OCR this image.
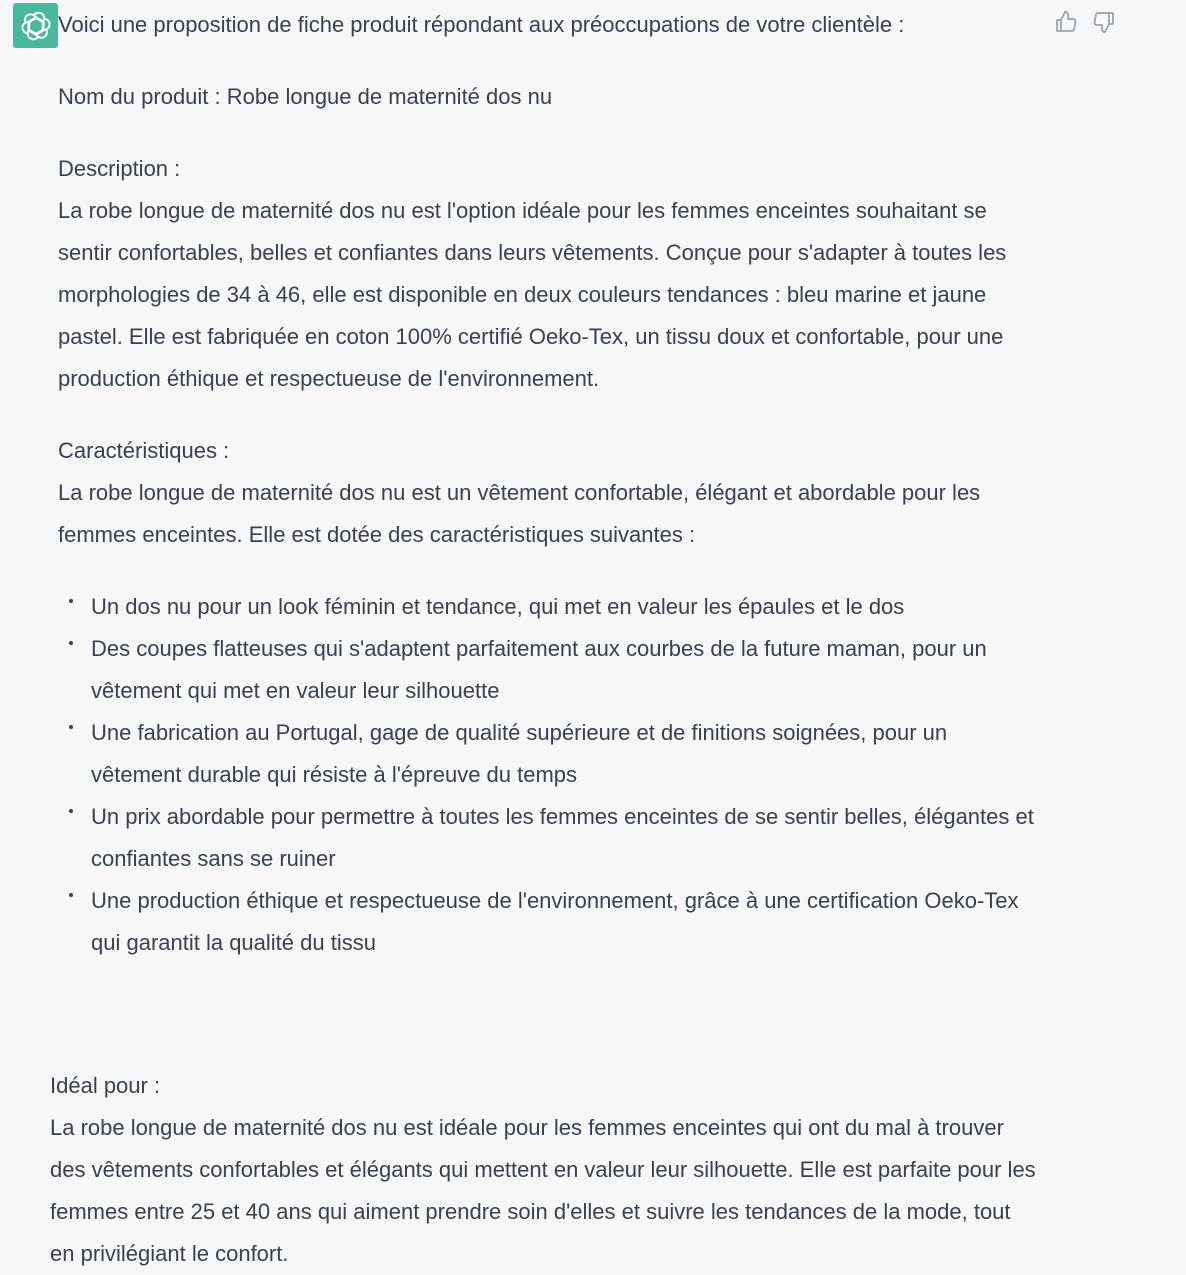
Voici une proposition de fiche produit répondant aux préoccupations de votre clientèle :

Nom du produit : Robe longue de maternité dos nu

Description :

La robe longue de maternité dos nu est l'option idéale pour les femmes enceintes souhaitant se sentir confortables, belles et confiantes dans leurs vêtements. Conçue pour s'adapter à toutes les morphologies de 34 à 46, elle est disponible en deux couleurs tendances : bleu marine et jaune pastel. Elle est fabriquée en coton 100% certifié Oeko-Tex, un tissu doux et confortable, pour une production éthique et respectueuse de l'environnement.

Caractéristiques :

La robe longue de maternité dos nu est un vêtement confortable, élégant et abordable pour les femmes enceintes. Elle est dotée des caractéristiques suivantes :

Un dos nu pour un look féminin et tendance, qui met en valeur les épaules et le dos
Des coupes flatteuses qui s'adaptent parfaitement aux courbes de la future maman, pour un vêtement qui met en valeur leur silhouette
Une fabrication au Portugal, gage de qualité supérieure et de finitions soignées, pour un vêtement durable qui résiste à l'épreuve du temps
Un prix abordable pour permettre à toutes les femmes enceintes de se sentir belles, élégantes et confiantes sans se ruiner
Une production éthique et respectueuse de l'environnement, grâce à une certification Oeko-Tex qui garantit la qualité du tissu

Idéal pour :

La robe longue de maternité dos nu est idéale pour les femmes enceintes qui ont du mal à trouver des vêtements confortables et élégants qui mettent en valeur leur silhouette. Elle est parfaite pour les femmes entre 25 et 40 ans qui aiment prendre soin d'elles et suivre les tendances de la mode, tout en privilégiant le confort.
